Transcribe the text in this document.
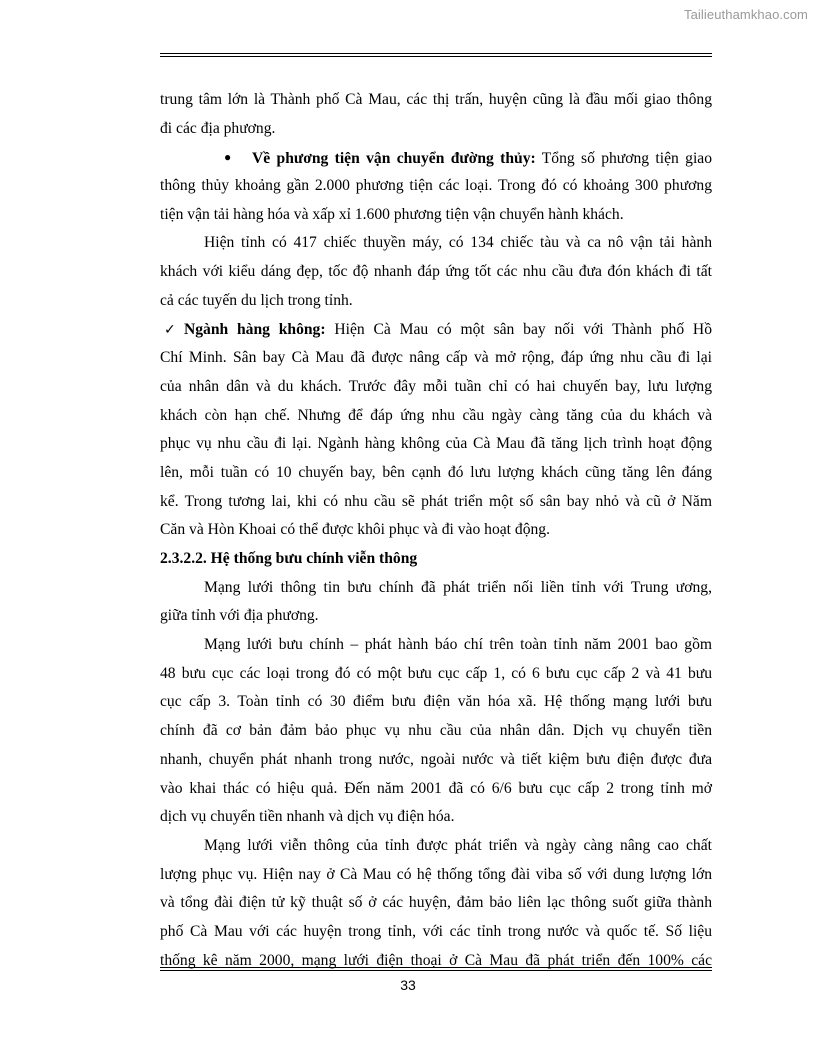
Tailieuthamkhao.com
trung tâm lớn là Thành phố Cà Mau, các thị trấn, huyện cũng là đầu mối giao thông
đi các địa phương.
● Về phương tiện vận chuyển đường thủy: Tổng số phương tiện giao
thông thủy khoảng gần 2.000 phương tiện các loại. Trong đó có khoảng 300 phương
tiện vận tải hàng hóa và xấp xỉ 1.600 phương tiện vận chuyển hành khách.
Hiện tỉnh có 417 chiếc thuyền máy, có 134 chiếc tàu và ca nô vận tải hành
khách với kiểu dáng đẹp, tốc độ nhanh đáp ứng tốt các nhu cầu đưa đón khách đi tất
cả các tuyến du lịch trong tỉnh.
✓ Ngành hàng không: Hiện Cà Mau có một sân bay nối với Thành phố Hồ
Chí Minh. Sân bay Cà Mau đã được nâng cấp và mở rộng, đáp ứng nhu cầu đi lại
của nhân dân và du khách. Trước đây mỗi tuần chỉ có hai chuyến bay, lưu lượng
khách còn hạn chế. Nhưng để đáp ứng nhu cầu ngày càng tăng của du khách và
phục vụ nhu cầu đi lại. Ngành hàng không của Cà Mau đã tăng lịch trình hoạt động
lên, mỗi tuần có 10 chuyến bay, bên cạnh đó lưu lượng khách cũng tăng lên đáng
kể. Trong tương lai, khi có nhu cầu sẽ phát triển một số sân bay nhỏ và cũ ở Năm
Căn và Hòn Khoai có thể được khôi phục và đi vào hoạt động.
2.3.2.2. Hệ thống bưu chính viễn thông
Mạng lưới thông tin bưu chính đã phát triển nối liền tỉnh với Trung ương,
giữa tỉnh với địa phương.
Mạng lưới bưu chính – phát hành báo chí trên toàn tỉnh năm 2001 bao gồm
48 bưu cục các loại trong đó có một bưu cục cấp 1, có 6 bưu cục cấp 2 và 41 bưu
cục cấp 3. Toàn tỉnh có 30 điểm bưu điện văn hóa xã. Hệ thống mạng lưới bưu
chính đã cơ bản đảm bảo phục vụ nhu cầu của nhân dân. Dịch vụ chuyển tiền
nhanh, chuyển phát nhanh trong nước, ngoài nước và tiết kiệm bưu điện được đưa
vào khai thác có hiệu quả. Đến năm 2001 đã có 6/6 bưu cục cấp 2 trong tỉnh mở
dịch vụ chuyển tiền nhanh và dịch vụ điện hóa.
Mạng lưới viễn thông của tỉnh được phát triển và ngày càng nâng cao chất
lượng phục vụ. Hiện nay ở Cà Mau có hệ thống tổng đài viba số với dung lượng lớn
và tổng đài điện tử kỹ thuật số ở các huyện, đảm bảo liên lạc thông suốt giữa thành
phố Cà Mau với các huyện trong tỉnh, với các tỉnh trong nước và quốc tế. Số liệu
thống kê năm 2000, mạng lưới điện thoại ở Cà Mau đã phát triển đến 100% các
33
